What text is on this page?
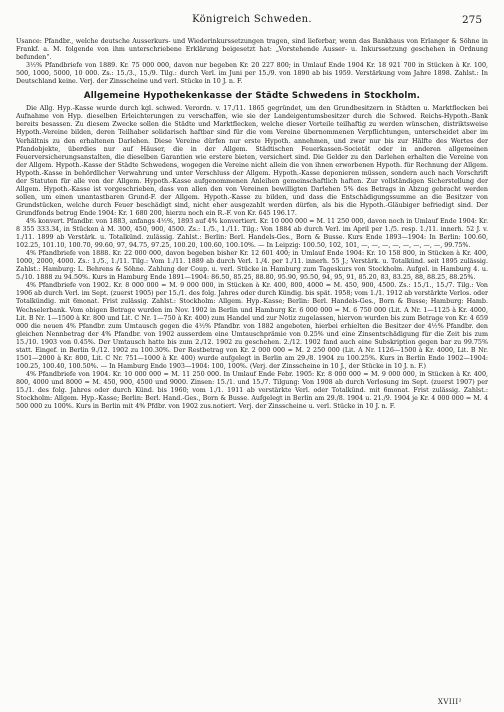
Königreich Schweden.	275

Usance: Pfandbr., welche deutsche Ausserkurs- und Wiederinkurssetzungen tragen, sind lieferbar, wenn das Bankhaus von Erlanger & Söhne in Frankf. a. M. folgende von ihm unterschriebene Erklärung beigesetzt hat: „Vorstehende Ausser- u. Inkurssetzung geschehen in Ordnung befunden“.

3½% Pfandbriefe von 1889. Kr. 75 000 000, davon nur begeben Kr. 20 227 800; in Umlauf Ende 1904 Kr. 18 921 700 in Stücken à Kr. 100, 500, 1000, 5000, 10 000. Zs.: 15./3., 15./9. Tilg.: durch Verl. im Juni per 15./9. von 1890 ab bis 1959. Verstärkung vom Jahre 1898. Zahlst.: In Deutschland keine. Verj. der Zinsscheine und verl. Stücke in 10 J. n. F.

Allgemeine Hypothekenkasse der Städte Schwedens in Stockholm.

Die Allg. Hyp.-Kasse wurde durch kgl. schwed. Verordn. v. 17./11. 1865 gegründet, um den Grundbesitzern in Städten u. Marktflecken bei Aufnahme von Hyp. dieselben Erleichterungen zu verschaffen, wie sie der Landeigentumsbesitzer durch die Schwed. Reichs-Hypoth.-Bank bereits besassen. Zu diesem Zwecke sollen die Städte und Marktflecken, welche dieser Vorteile teilhaftig zu werden wünschen, distriktsweise Hypoth.-Vereine bilden, deren Teilhaber solidarisch haftbar sind für die vom Vereine übernommenen Verpflichtungen, unterscheidet aber im Verhältnis zu den erhaltenen Darlehen. Diese Vereine dürfen nur erste Hypoth. annehmen, und zwar nur bis zur Hälfte des Wertes der Pfandobjekte, überdies nur auf Häuser, die in der Allgem. Städtischen Feuerkassen-Societät oder in anderen allgemeinen Feuerversicherungsanstalten, die dieselben Garantien wie erstere bieten, versichert sind. Die Gelder zu den Darlehen erhalten die Vereine von der Allgem. Hypoth.-Kasse der Städte Schwedens, wogegen die Vereine nicht allein die von ihnen erworbenen Hypoth. für Rechnung der Allgem. Hypoth.-Kasse in behördlicher Verwahrung und unter Verschluss der Allgem. Hypoth.-Kasse deponieren müssen, sondern auch nach Vorschrift der Statuten für alle von der Allgem. Hypoth.-Kasse aufgenommenen Anleihen gemeinschaftlich haften. Zur vollständigen Sicherstellung der Allgem. Hypoth.-Kasse ist vorgeschrieben, dass von allen den von Vereinen bewilligten Darlehen 5% des Betrags in Abzug gebracht werden sollen, um einen unantastbaren Grund-F. der Allgem. Hypoth.-Kasse zu bilden, und dass die Entschädigungssumme an die Besitzer von Grundstücken, welche durch Feuer beschädigt sind, nicht eher ausgezahlt werden dürfen, als bis die Hypoth.-Gläubiger befriedigt sind. Der Grundfonds betrug Ende 1904: Kr. 1 680 200, hierzu noch ein R.-F. von Kr. 645 196.17.

4% konvert. Pfandbr. von 1883, anfangs 4½%, 1893 auf 4% konvertiert. Kr. 10 000 000 = M. 11 250 000, davon noch in Umlauf Ende 1904: Kr. 8 355 333.34, in Stücken à M. 300, 450, 900, 4500. Zs.: 1./5., 1./11. Tilg.: Von 1884 ab durch Verl. im April per 1./5. resp. 1./11. innerh. 52 J. v. 1./11. 1899 ab Verstärk. u. Totalkünd. zulässig. Zahlst.: Berlin: Berl. Handels-Ges., Born & Busse. Kurs Ende 1893—1904: In Berlin: 100.60, 102.25, 101.10, 100.70, 99.60, 97, 94.75, 97.25, 100.20, 100.60, 100.10%. — In Leipzig: 100.50, 102, 101, —, —, —, —, —, —, —, —, 99.75%.

4% Pfandbriefe von 1888. Kr. 22 000 000, davon begeben bisher Kr. 12 601 400; in Umlauf Ende 1904: Kr. 10 158 800, in Stücken à Kr. 400, 1000, 2000, 4000. Zs.: 1./5., 1./11. Tilg.: Vom 1./11. 1889 ab durch Verl. 1./4. per 1./11. innerh. 55 J.; Verstärk. u. Totalkünd. seit 1895 zulässig. Zahlst.: Hamburg: L. Behrens & Söhne. Zahlung der Coup. u. verl. Stücke in Hamburg zum Tageskurs von Stockholm. Aufgel. in Hamburg 4. u. 5./10. 1888 zu 94.50%. Kurs in Hamburg Ende 1891—1904: 86.50, 85.25, 88.80, 95.90, 95.50, 94, 95, 91, 85.20, 83, 83.25, 88, 88.25, 88.25%.

4% Pfandbriefe von 1902. Kr. 8 000 000 = M. 9 000 000, in Stücken à Kr. 400, 800, 4000 = M. 450, 900, 4500. Zs.: 15./1., 15./7. Tilg.: Von 1906 ab durch Verl. im Sept. (zuerst 1905) per 15./1. des folg. Jahres oder durch Kündig. bis spät. 1958; vom 1./1. 1912 ab verstärkte Verlos. oder Totalkündig. mit 6monat. Frist zulässig. Zahlst.: Stockholm: Allgem. Hyp.-Kasse; Berlin: Berl. Handels-Ges., Born & Busse; Hamburg: Hamb. Wechselerbank. Vom obigen Betrage wurden im Nov. 1902 in Berlin und Hamburg Kr. 6 000 000 = M. 6 750 000 (Lit. A Nr. 1—1125 à Kr. 4000, Lit. B Nr. 1—1500 à Kr. 800 und Lit. C Nr. 1—750 à Kr. 400) zum Handel und zur Notiz zugelassen, hiervon wurden bis zum Betrage von Kr. 4 659 000 die neuen 4% Pfandbr. zum Umtausch gegen die 4½% Pfandbr. von 1882 angeboten, hierbei erhielten die Besitzer der 4½% Pfandbr. den gleichen Nennbetrag der 4% Pfandbr. von 1902 ausserdem eine Umtauschprämie von 0.25% und eine Zinsentschädigung für die Zeit bis zum 15./10. 1903 von 0.45%. Der Umtausch hatte bis zum 2./12. 1902 zu geschehen. 2./12. 1902 fand auch eine Subskription gegen bar zu 99.75% statt. Eingef. in Berlin 9./12. 1902 zu 100.30%. Der Restbetrag von Kr. 2 000 000 = M. 2 250 000 (Lit. A Nr. 1126—1500 à Kr. 4000, Lit. B Nr. 1501—2000 à Kr. 800, Lit. C Nr. 751—1000 à Kr. 400) wurde aufgelegt in Berlin am 29./8. 1904 zu 100.25%. Kurs in Berlin Ende 1902—1904: 100.25, 100.40, 100.50%. — In Hamburg Ende 1903—1904: 100, 100%. (Verj. der Zinsscheine in 10 J., der Stücke in 10 J. n. F.)

4% Pfandbriefe von 1904. Kr. 10 000 000 = M. 11 250 000. In Umlauf Ende Febr. 1905: Kr. 8 000 000 = M. 9 000 000, in Stücken à Kr. 400, 800, 4000 und 8000 = M. 450, 900, 4500 und 9000. Zinsen: 15./1. und 15./7. Tilgung: Von 1908 ab durch Verlosung im Sept. (zuerst 1907) per 15./1. des folg. Jahres oder durch Künd. bis 1960; vom 1./1. 1911 ab verstärkte Verl. oder Totalkünd. mit 6monat. Frist zulässig. Zahlst.: Stockholm: Allgem. Hyp.-Kasse; Berlin: Berl. Hand.-Ges., Born & Busse. Aufgelegt in Berlin am 29./8. 1904 u. 21./9. 1904 je Kr. 4 000 000 = M. 4 500 000 zu 100%. Kurs in Berlin mit 4% Pfdbr. von 1902 zus.notiert. Verj. der Zinsscheine u. verl. Stücke in 10 J. n. F.

XVIII²
